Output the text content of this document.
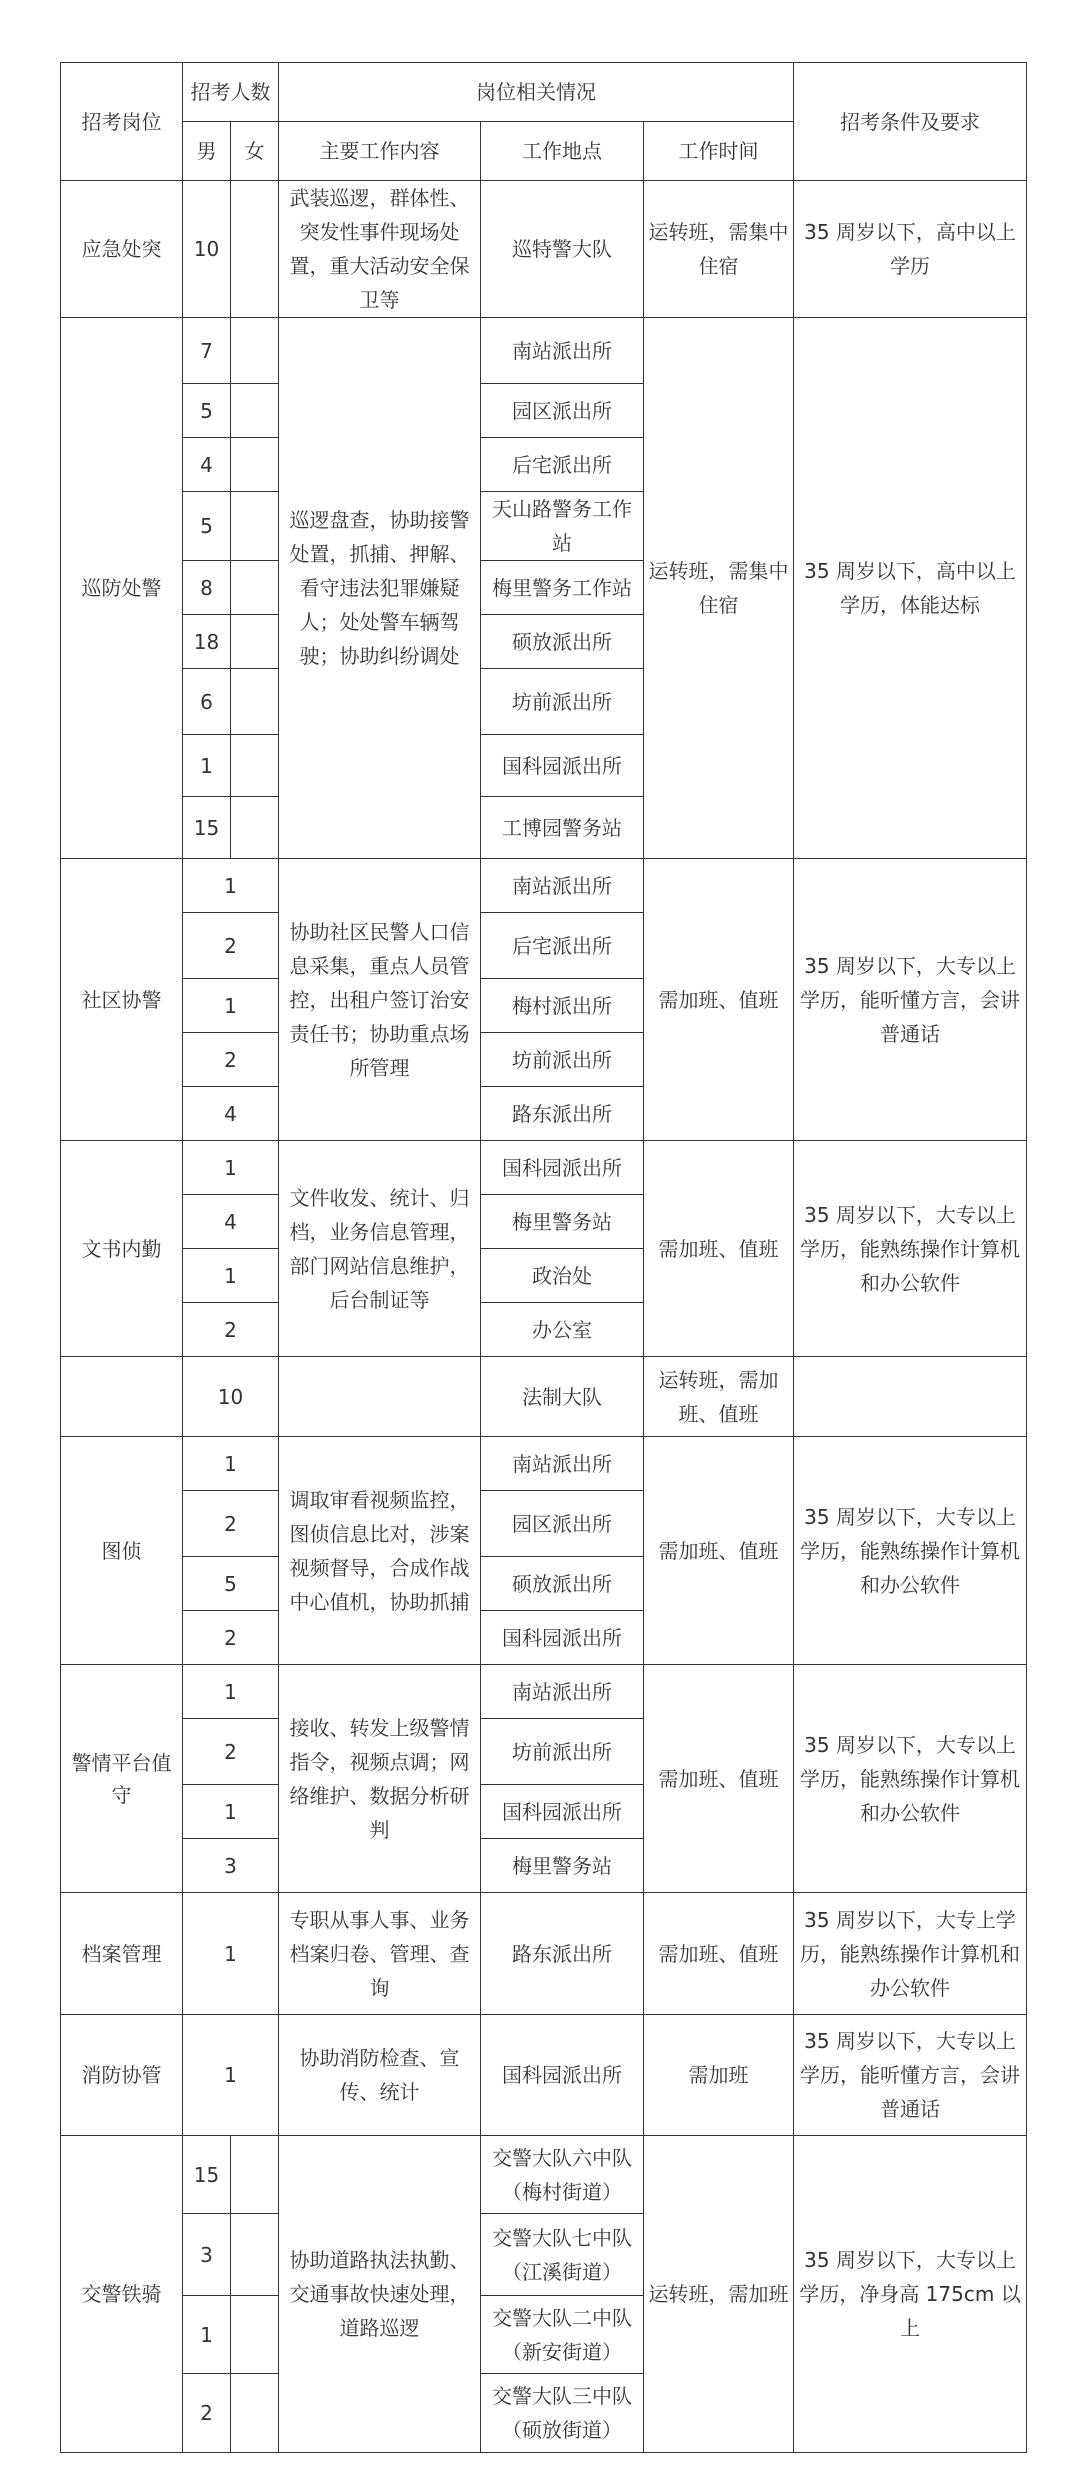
招考岗位	招考人数		岗位相关情况			招考条件及要求
	男	女	主要工作内容	工作地点	工作时间	
应急处突	10		武装巡逻，群体性、突发性事件现场处置，重大活动安全保卫等	巡特警大队	运转班，需集中住宿	35 周岁以下，高中以上学历
巡防处警	7		巡逻盘查，协助接警处置，抓捕、押解、看守违法犯罪嫌疑人；处处警车辆驾驶；协助纠纷调处	南站派出所	运转班，需集中住宿	35 周岁以下，高中以上学历，体能达标
	5			园区派出所		
	4			后宅派出所		
	5			天山路警务工作站		
	8			梅里警务工作站		
	18			硕放派出所		
	6			坊前派出所		
	1			国科园派出所		
	15			工博园警务站		
社区协警	1		协助社区民警人口信息采集，重点人员管控，出租户签订治安责任书；协助重点场所管理	南站派出所	需加班、值班	35 周岁以下，大专以上学历，能听懂方言，会讲普通话
	2			后宅派出所		
	1			梅村派出所		
	2			坊前派出所		
	4			路东派出所		
文书内勤	1		文件收发、统计、归档，业务信息管理，部门网站信息维护，后台制证等	国科园派出所	需加班、值班	35 周岁以下，大专以上学历，能熟练操作计算机和办公软件
	4			梅里警务站		
	1			政治处		
	2			办公室		
	10			法制大队	运转班，需加班、值班	
图侦	1		调取审看视频监控，图侦信息比对，涉案视频督导，合成作战中心值机，协助抓捕	南站派出所	需加班、值班	35 周岁以下，大专以上学历，能熟练操作计算机和办公软件
	2			园区派出所		
	5			硕放派出所		
	2			国科园派出所		
警情平台值守	1		接收、转发上级警情指令，视频点调；网络维护、数据分析研判	南站派出所	需加班、值班	35 周岁以下，大专以上学历，能熟练操作计算机和办公软件
	2			坊前派出所		
	1			国科园派出所		
	3			梅里警务站		
档案管理	1		专职从事人事、业务档案归卷、管理、查询	路东派出所	需加班、值班	35 周岁以下，大专上学历，能熟练操作计算机和办公软件
消防协管	1		协助消防检查、宣传、统计	国科园派出所	需加班	35 周岁以下，大专以上学历，能听懂方言，会讲普通话
交警铁骑	15		协助道路执法执勤、交通事故快速处理，道路巡逻	交警大队六中队（梅村街道）	运转班，需加班	35 周岁以下，大专以上学历，净身高 175cm 以上
	3			交警大队七中队（江溪街道）		
	1			交警大队二中队（新安街道）		
	2			交警大队三中队（硕放街道）		
